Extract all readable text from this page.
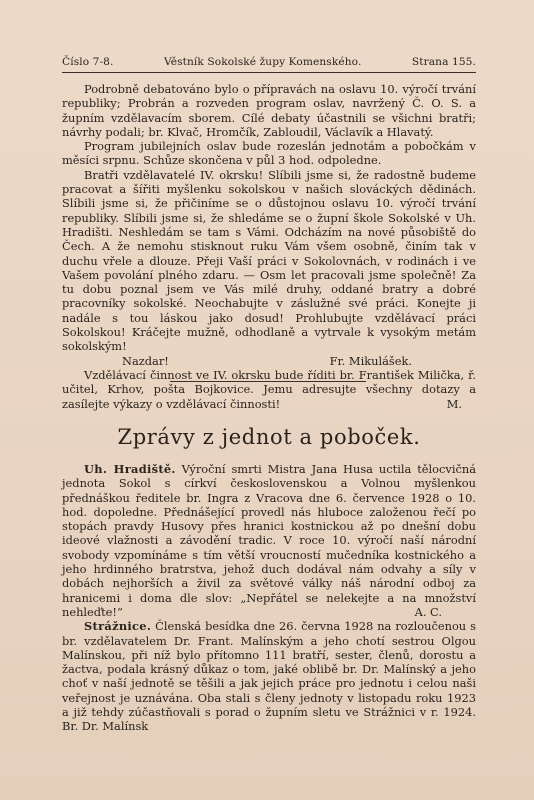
Číslo 7-8.	Věstník Sokolské župy Komenského.	Strana 155.

Podrobně debatováno bylo o přípravách na oslavu 10. výročí trvání republiky; Probrán a rozveden program oslav, navržený Č. O. S. a župním vzdělavacím sborem. Cílé debaty účastnili se všichni bratři; návrhy podali; br. Klvač, Hromčík, Zabloudil, Václavík a Hlavatý.

Program jubilejních oslav bude rozeslán jednotám a pobočkám v měsíci srpnu. Schůze skončena v půl 3 hod. odpoledne.

Bratři vzdělavatelé IV. okrsku! Slíbili jsme si, že radostně budeme pracovat a šířiti myšlenku sokolskou v našich slováckých dědinách. Slíbili jsme si, že přičiníme se o důstojnou oslavu 10. výročí trvání republiky. Slíbili jsme si, že shledáme se o župní škole Sokolské v Uh. Hradišti. Neshledám se tam s Vámi. Odcházím na nové působiště do Čech. A že nemohu stisknout ruku Vám všem osobně, činím tak v duchu vřele a dlouze. Přeji Vaší práci v Sokolovnách, v rodinách i ve Vašem povolání plného zdaru. — Osm let pracovali jsme společně! Za tu dobu poznal jsem ve Vás milé druhy, oddané bratry a dobré pracovníky sokolské. Neochabujte v záslužné své práci. Konejte ji nadále s tou láskou jako dosud! Prohlubujte vzdělávací práci Sokolskou! Kráčejte mužně, odhodlaně a vytrvale k vysokým metám sokolským!

Nazdar!	Fr. Mikulášek.

Vzdělávací činnost ve IV. okrsku bude říditi br. František Milička, ř. učitel, Krhov, pošta Bojkovice. Jemu adresujte všechny dotazy a zasílejte výkazy o vzdělávací činnosti!	M.

Zprávy z jednot a poboček.

Uh. Hradiště. Výroční smrti Mistra Jana Husa uctila tělocvičná jednota Sokol s církví československou a Volnou myšlenkou přednáškou ředitele br. Ingra z Vracova dne 6. července 1928 o 10. hod. dopoledne. Přednášející provedl nás hluboce založenou řečí po stopách pravdy Husovy přes hranici kostnickou až po dnešní dobu ideové vlažnosti a závodění tradic. V roce 10. výročí naší národní svobody vzpomínáme s tím větší vroucností mučedníka kostnického a jeho hrdinného bratrstva, jehož duch dodával nám odvahy a síly v dobách nejhorších a živil za světové války náš národní odboj za hranicemi i doma dle slov: „Nepřátel se nelekejte a na množství nehleďte!“	A. C.

Strážnice. Členská besídka dne 26. června 1928 na rozloučenou s br. vzdělavatelem Dr. Frant. Malínským a jeho chotí sestrou Olgou Malínskou, při níž bylo přítomno 111 bratří, sester, členů, dorostu a žactva, podala krásný důkaz o tom, jaké oblibě br. Dr. Malínský a jeho choť v naší jednotě se těšili a jak jejich práce pro jednotu i celou naši veřejnost je uznávána. Oba stali s členy jednoty v listopadu roku 1923 a již tehdy zúčastňovali s porad o župním sletu ve Strážnici v r. 1924. Br. Dr. Malínsk
